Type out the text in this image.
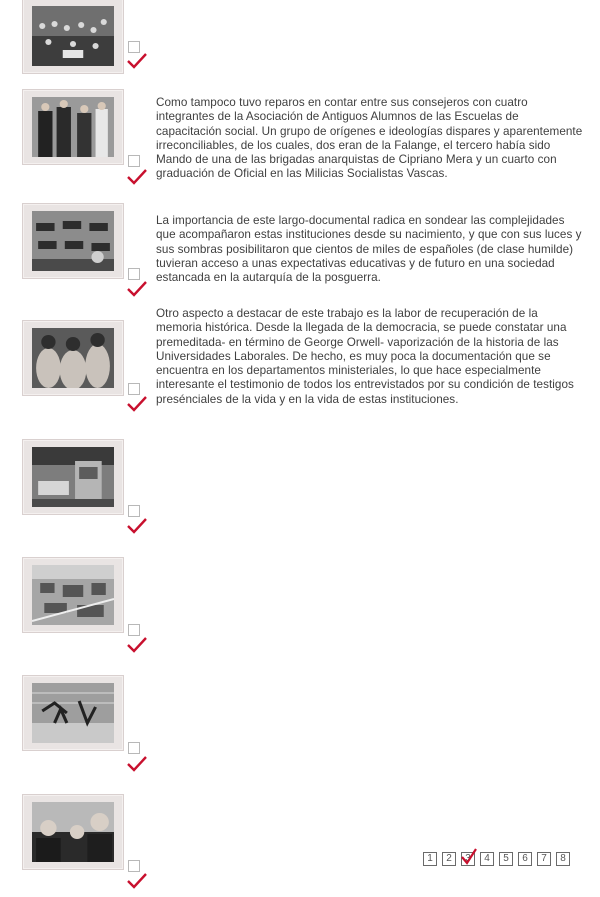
Como tampoco tuvo reparos en contar entre sus consejeros con cuatro integrantes de la Asociación de Antiguos Alumnos de las Escuelas de capacitación social. Un grupo de orígenes e ideologías dispares y aparentemente irreconciliables, de los cuales, dos eran de la Falange, el tercero había sido Mando de una de las brigadas anarquistas de Cipriano Mera y un cuarto con graduación de Oficial en las Milicias Socialistas Vascas.

La importancia de este largo-documental radica en sondear las complejidades que acompañaron estas instituciones desde su nacimiento, y que con sus luces y sus sombras posibilitaron que cientos de miles de españoles (de clase humilde) tuvieran acceso a unas expectativas educativas y de futuro en una sociedad estancada en la autarquía de la posguerra.

Otro aspecto a destacar de este trabajo es la labor de recuperación de la memoria histórica. Desde la llegada de la democracia, se puede constatar una premeditada- en término de George Orwell- vaporización de la historia de las Universidades Laborales. De hecho, es muy poca la documentación que se encuentra en los departamentos ministeriales, lo que hace especialmente interesante el testimonio de todos los entrevistados por su condición de testigos presénciales de la vida y en la vida de estas instituciones.

1	2	3	4	5	6	7	8
